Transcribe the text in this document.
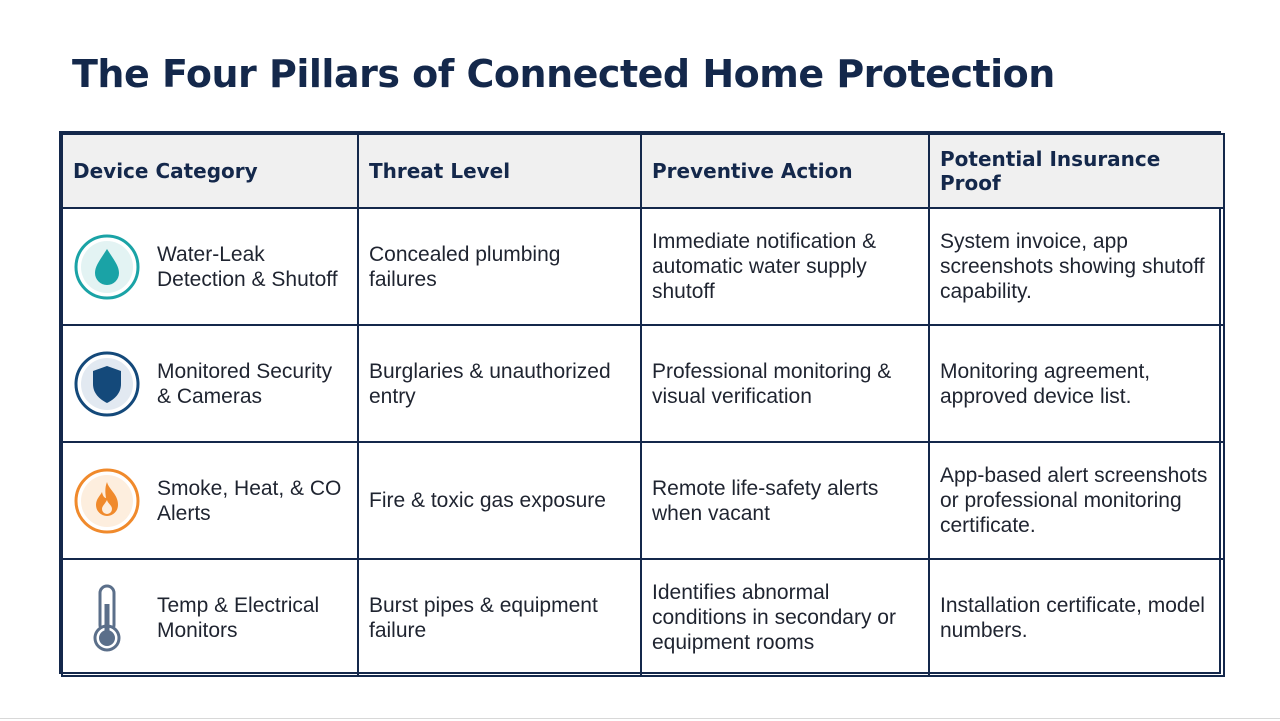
The Four Pillars of Connected Home Protection
Device Category	Threat Level	Preventive Action	Potential Insurance Proof

Water-Leak Detection & Shutoff	Concealed plumbing failures	Immediate notification & automatic water supply shutoff	System invoice, app screenshots showing shutoff capability.

Monitored Security & Cameras	Burglaries & unauthorized entry	Professional monitoring & visual verification	Monitoring agreement, approved device list.

Smoke, Heat, & CO Alerts	Fire & toxic gas exposure	Remote life-safety alerts when vacant	App-based alert screenshots or professional monitoring certificate.

Temp & Electrical Monitors	Burst pipes & equipment failure	Identifies abnormal conditions in secondary or equipment rooms	Installation certificate, model numbers.
